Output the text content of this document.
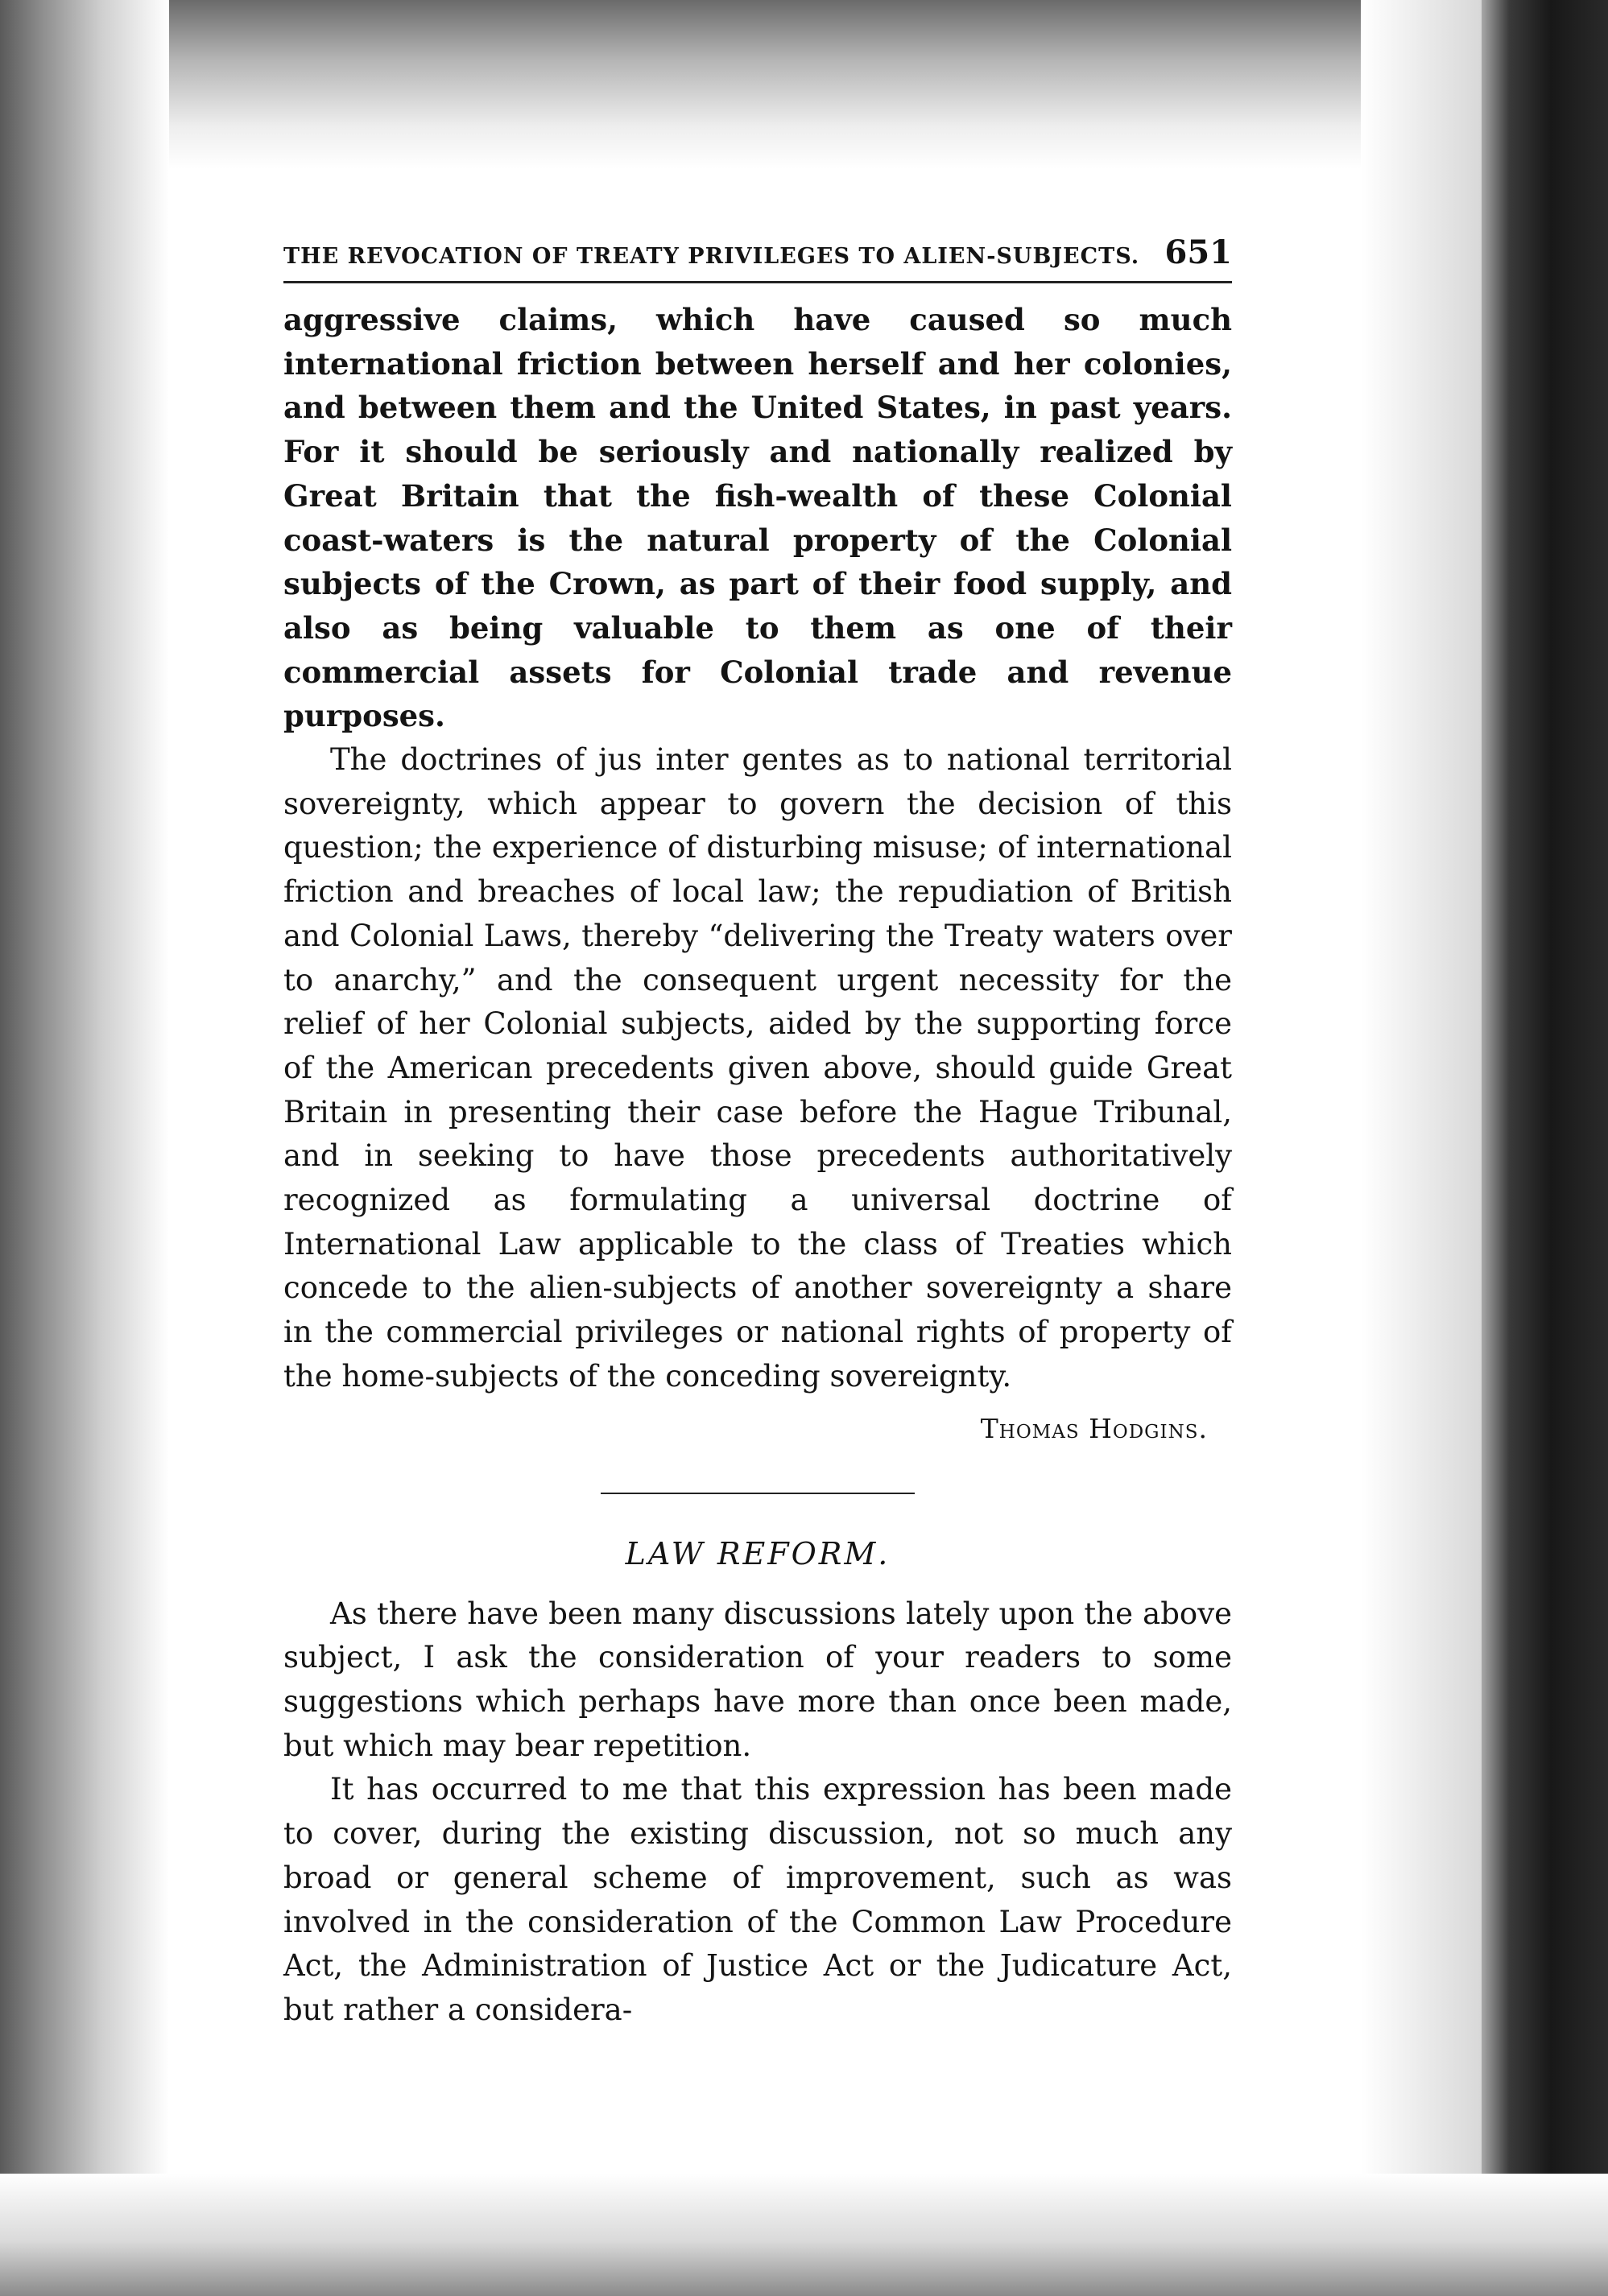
THE REVOCATION OF TREATY PRIVILEGES TO ALIEN-SUBJECTS. 651

aggressive claims, which have caused so much international friction between herself and her colonies, and between them and the United States, in past years. For it should be seriously and nationally realized by Great Britain that the fish-wealth of these Colonial coast-waters is the natural property of the Colonial subjects of the Crown, as part of their food supply, and also as being valuable to them as one of their commercial assets for Colonial trade and revenue purposes.

The doctrines of jus inter gentes as to national territorial sovereignty, which appear to govern the decision of this question; the experience of disturbing misuse; of international friction and breaches of local law; the repudiation of British and Colonial Laws, thereby “delivering the Treaty waters over to anarchy,” and the consequent urgent necessity for the relief of her Colonial subjects, aided by the supporting force of the American precedents given above, should guide Great Britain in presenting their case before the Hague Tribunal, and in seeking to have those precedents authoritatively recognized as formulating a universal doctrine of International Law applicable to the class of Treaties which concede to the alien-subjects of another sovereignty a share in the commercial privileges or national rights of property of the home-subjects of the conceding sovereignty.

Thomas Hodgins.
LAW REFORM.

As there have been many discussions lately upon the above subject, I ask the consideration of your readers to some suggestions which perhaps have more than once been made, but which may bear repetition.

It has occurred to me that this expression has been made to cover, during the existing discussion, not so much any broad or general scheme of improvement, such as was involved in the consideration of the Common Law Procedure Act, the Administration of Justice Act or the Judicature Act, but rather a considera-
